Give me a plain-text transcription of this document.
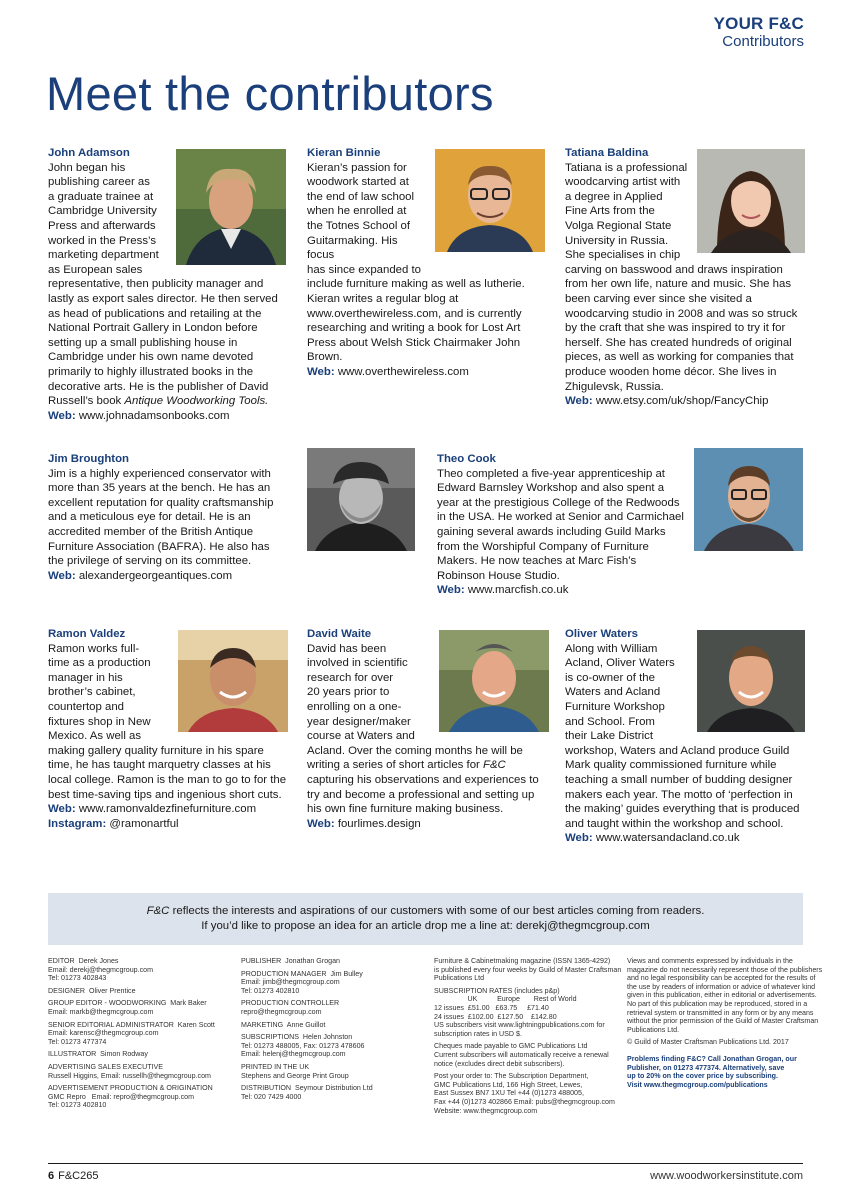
YOUR F&C
Contributors
Meet the contributors
John Adamson

John began his
publishing career as
a graduate trainee at
Cambridge University
Press and afterwards
worked in the Press’s
marketing department
as European sales representative, then publicity manager and lastly as export sales director. He then served as head of publications and retailing at the National Portrait Gallery in London before setting up a small publishing house in Cambridge under his own name devoted primarily to highly illustrated books in the decorative arts. He is the publisher of David Russell’s book Antique Woodworking Tools.

Web: www.johnadamsonbooks.com
Kieran Binnie

Kieran’s passion for
woodwork started at
the end of law school
when he enrolled at
the Totnes School of
Guitarmaking. His focus
has since expanded to
include furniture making as well as lutherie. Kieran writes a regular blog at www.overthewireless.com, and is currently researching and writing a book for Lost Art Press about Welsh Stick Chairmaker John Brown.

Web: www.overthewireless.com
Tatiana Baldina

Tatiana is a professional
woodcarving artist with
a degree in Applied
Fine Arts from the
Volga Regional State
University in Russia.
She specialises in chip carving on basswood and draws inspiration from her own life, nature and music. She has been carving ever since she visited a woodcarving studio in 2008 and was so struck by the craft that she was inspired to try it for herself. She has created hundreds of original pieces, as well as working for companies that produce wooden home décor. She lives in Zhigulevsk, Russia.

Web: www.etsy.com/uk/shop/FancyChip
Jim Broughton

Jim is a highly experienced conservator with more than 35 years at the bench. He has an excellent reputation for quality craftsmanship and a meticulous eye for detail. He is an accredited member of the British Antique Furniture Association (BAFRA). He also has the privilege of serving on its committee.

Web: alexandergeorgeantiques.com
Theo Cook

Theo completed a five-year apprenticeship at Edward Barnsley Workshop and also spent a year at the prestigious College of the Redwoods in the USA. He worked at Senior and Carmichael gaining several awards including Guild Marks from the Worshipful Company of Furniture Makers. He now teaches at Marc Fish’s Robinson House Studio.

Web: www.marcfish.co.uk
Ramon Valdez

Ramon works full-
time as a production
manager in his
brother’s cabinet,
countertop and
fixtures shop in New
Mexico. As well as making gallery quality furniture in his spare time, he has taught marquetry classes at his local college. Ramon is the man to go to for the best time-saving tips and ingenious short cuts.

Web: www.ramonvaldezfinefurniture.com
Instagram: @ramonartful
David Waite

David has been
involved in scientific
research for over
20 years prior to
enrolling on a one-
year designer/maker
course at Waters and Acland. Over the coming months he will be writing a series of short articles for F&C capturing his observations and experiences to try and become a professional and setting up his own fine furniture making business.

Web: fourlimes.design
Oliver Waters

Along with William
Acland, Oliver Waters
is co-owner of the
Waters and Acland
Furniture Workshop
and School. From
their Lake District workshop, Waters and Acland produce Guild Mark quality commissioned furniture while teaching a small number of budding designer makers each year. The motto of ‘perfection in the making’ guides everything that is produced and taught within the workshop and school.

Web: www.watersandacland.co.uk
F&C reflects the interests and aspirations of our customers with some of our best articles coming from readers.
If you’d like to propose an idea for an article drop me a line at: derekj@thegmcgroup.com
EDITOR  Derek Jones
Email: derekj@thegmcgroup.com
Tel: 01273 402843
DESIGNER  Oliver Prentice
GROUP EDITOR - WOODWORKING  Mark Baker
Email: markb@thegmcgroup.com
SENIOR EDITORIAL ADMINISTRATOR  Karen Scott
Email: karensc@thegmcgroup.com
Tel: 01273 477374
ILLUSTRATOR  Simon Rodway
ADVERTISING SALES EXECUTIVE
Russell Higgins, Email: russellh@thegmcgroup.com
ADVERTISEMENT PRODUCTION & ORIGINATION
GMC Repro   Email: repro@thegmcgroup.com
Tel: 01273 402810
PUBLISHER  Jonathan Grogan
PRODUCTION MANAGER  Jim Bulley
Email: jimb@thegmcgroup.com
Tel: 01273 402810
PRODUCTION CONTROLLER
repro@thegmcgroup.com
MARKETING  Anne Guillot
SUBSCRIPTIONS  Helen Johnston
Tel: 01273 488005, Fax: 01273 478606
Email: helenj@thegmcgroup.com
PRINTED IN THE UK
Stephens and George Print Group
DISTRIBUTION  Seymour Distribution Ltd
Tel: 020 7429 4000
Furniture & Cabinetmaking magazine (ISSN 1365-4292)
is published every four weeks by Guild of Master Craftsman
Publications Ltd
SUBSCRIPTION RATES (includes p&p)
UK          Europe       Rest of World
12 issues  £51.00   £63.75     £71.40
24 issues  £102.00  £127.50    £142.80
US subscribers visit www.lightningpublications.com for
subscription rates in USD $.
Cheques made payable to GMC Publications Ltd
Current subscribers will automatically receive a renewal
notice (excludes direct debit subscribers).
Post your order to: The Subscription Department,
GMC Publications Ltd, 166 High Street, Lewes,
East Sussex BN7 1XU Tel +44 (0)1273 488005,
Fax +44 (0)1273 402866 Email: pubs@thegmcgroup.com
Website: www.thegmcgroup.com
Views and comments expressed by individuals in the
magazine do not necessarily represent those of the publishers
and no legal responsibility can be accepted for the results of
the use by readers of information or advice of whatever kind
given in this publication, either in editorial or advertisements.
No part of this publication may be reproduced, stored in a
retrieval system or transmitted in any form or by any means
without the prior permission of the Guild of Master Craftsman
Publications Ltd.
© Guild of Master Craftsman Publications Ltd. 2017
Problems finding F&C? Call Jonathan Grogan, our
Publisher, on 01273 477374. Alternatively, save
up to 20% on the cover price by subscribing.
Visit www.thegmcgroup.com/publications
6 F&C265	www.woodworkersinstitute.com
